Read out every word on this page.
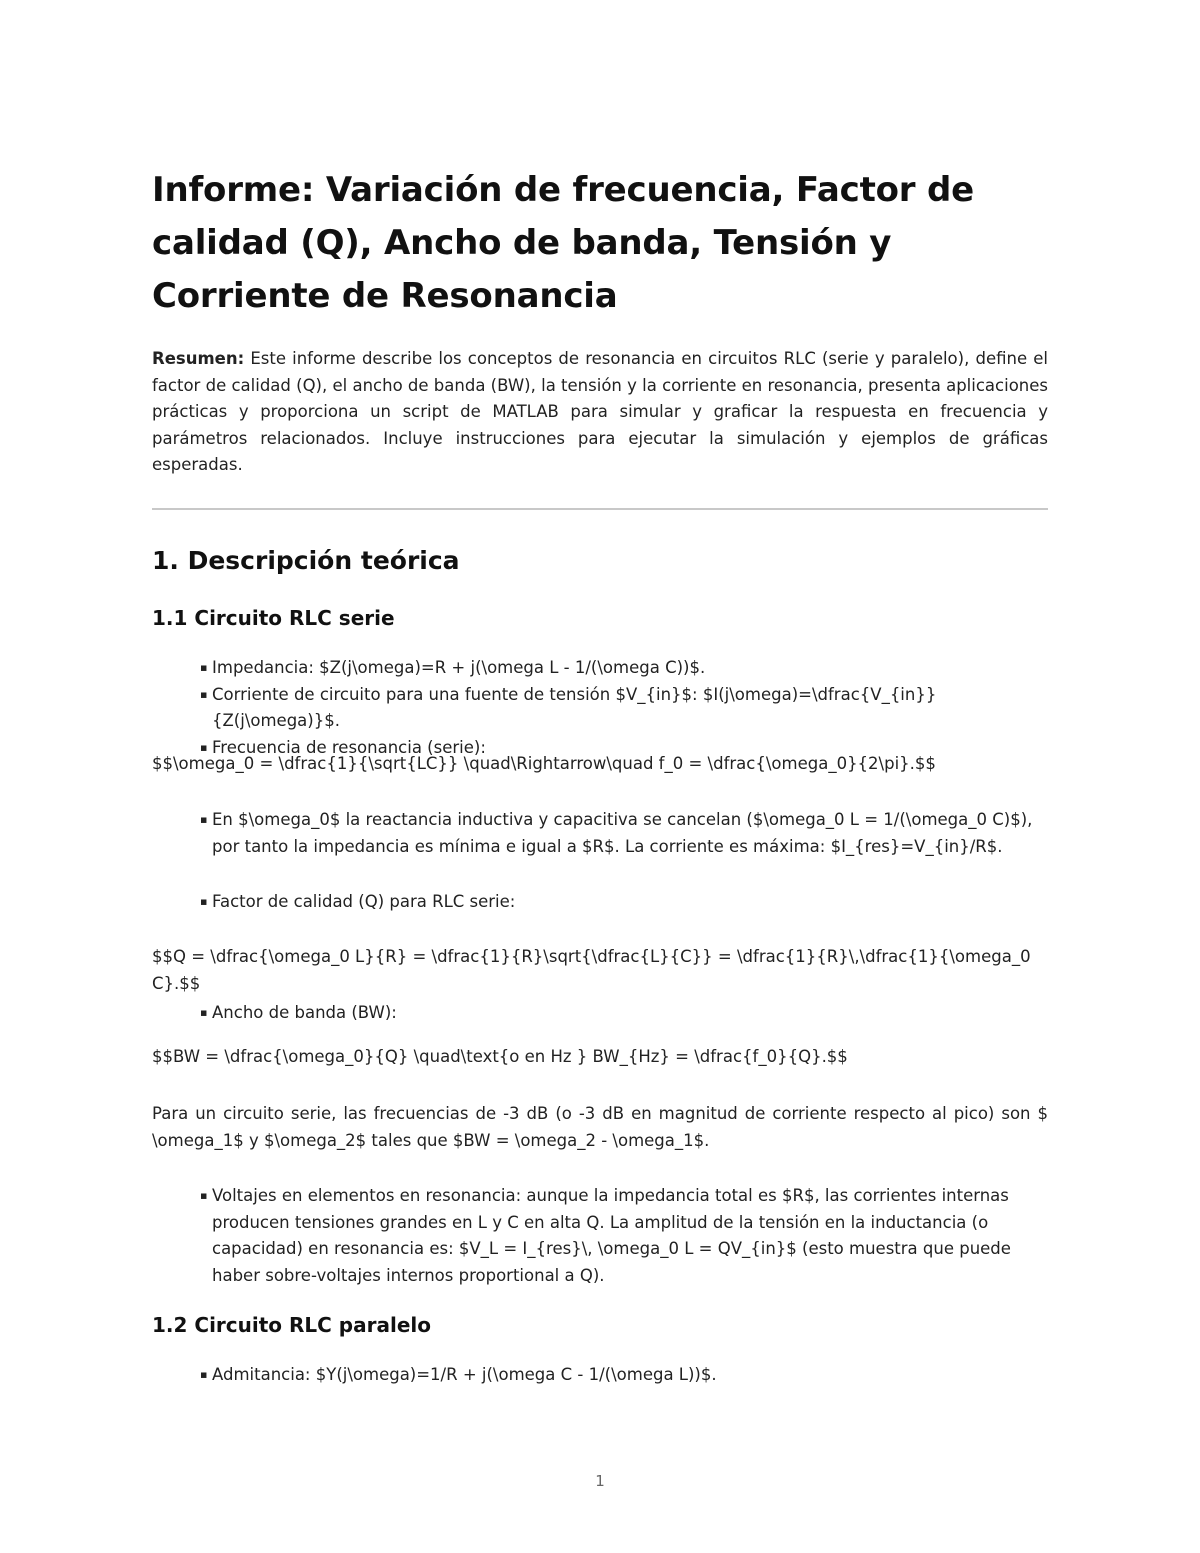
Informe: Variación de frecuencia, Factor de calidad (Q), Ancho de banda, Tensión y Corriente de Resonancia

Resumen: Este informe describe los conceptos de resonancia en circuitos RLC (serie y paralelo), define el factor de calidad (Q), el ancho de banda (BW), la tensión y la corriente en resonancia, presenta aplicaciones prácticas y proporciona un script de MATLAB para simular y graficar la respuesta en frecuencia y parámetros relacionados. Incluye instrucciones para ejecutar la simulación y ejemplos de gráficas esperadas.

1. Descripción teórica
1.1 Circuito RLC serie
▪ Impedancia: $Z(j\omega)=R + j(\omega L - 1/(\omega C))$.
▪ Corriente de circuito para una fuente de tensión $V_{in}$: $I(j\omega)=\dfrac{V_{in}}{Z(j\omega)}$.
▪ Frecuencia de resonancia (serie):

$$\omega_0 = \dfrac{1}{\sqrt{LC}} \quad\Rightarrow\quad f_0 = \dfrac{\omega_0}{2\pi}.$$

▪ En $\omega_0$ la reactancia inductiva y capacitiva se cancelan ($\omega_0 L = 1/(\omega_0 C)$), por tanto la impedancia es mínima e igual a $R$. La corriente es máxima: $I_{res}=V_{in}/R$.
▪ Factor de calidad (Q) para RLC serie:

$$Q = \dfrac{\omega_0 L}{R} = \dfrac{1}{R}\sqrt{\dfrac{L}{C}} = \dfrac{1}{R}\,\dfrac{1}{\omega_0 C}.$$

▪ Ancho de banda (BW):

$$BW = \dfrac{\omega_0}{Q} \quad\text{o en Hz } BW_{Hz} = \dfrac{f_0}{Q}.$$

Para un circuito serie, las frecuencias de -3 dB (o -3 dB en magnitud de corriente respecto al pico) son $ \omega_1$ y $\omega_2$ tales que $BW = \omega_2 - \omega_1$.

▪ Voltajes en elementos en resonancia: aunque la impedancia total es $R$, las corrientes internas producen tensiones grandes en L y C en alta Q. La amplitud de la tensión en la inductancia (o capacidad) en resonancia es: $V_L = I_{res}\, \omega_0 L = QV_{in}$ (esto muestra que puede haber sobre-voltajes internos proportional a Q).
1.2 Circuito RLC paralelo
▪ Admitancia: $Y(j\omega)=1/R + j(\omega C - 1/(\omega L))$.
1
